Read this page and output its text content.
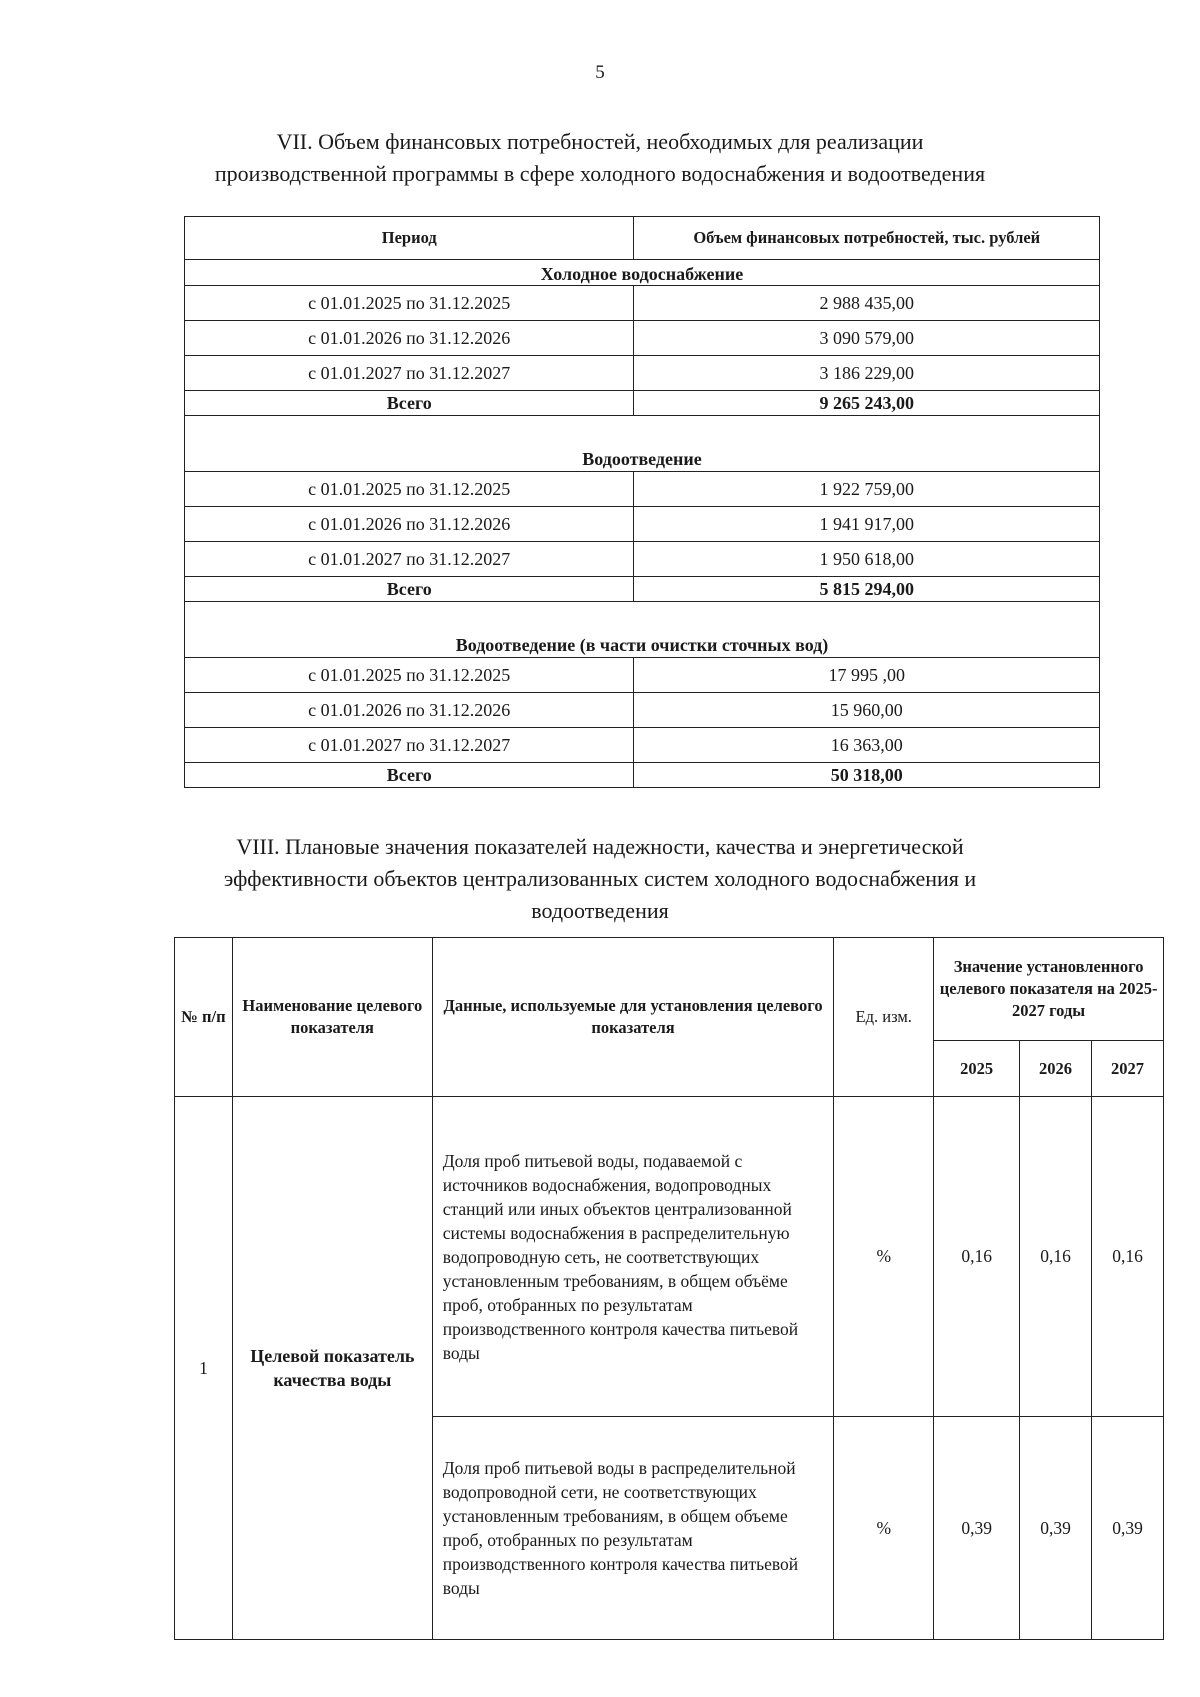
5
VII. Объем финансовых потребностей, необходимых для реализации
производственной программы в сфере холодного водоснабжения и водоотведения
Период	Объем финансовых потребностей, тыс. рублей
Холодное водоснабжение	
с 01.01.2025 по 31.12.2025	2 988 435,00
с 01.01.2026 по 31.12.2026	3 090 579,00
с 01.01.2027 по 31.12.2027	3 186 229,00
Всего	9 265 243,00
Водоотведение	
с 01.01.2025 по 31.12.2025	1 922 759,00
с 01.01.2026 по 31.12.2026	1 941 917,00
с 01.01.2027 по 31.12.2027	1 950 618,00
Всего	5 815 294,00
Водоотведение (в части очистки сточных вод)	
с 01.01.2025 по 31.12.2025	17 995 ,00
с 01.01.2026 по 31.12.2026	15 960,00
с 01.01.2027 по 31.12.2027	16 363,00
Всего	50 318,00
VIII. Плановые значения показателей надежности, качества и энергетической
эффективности объектов централизованных систем холодного водоснабжения и
водоотведения
№ п/п	Наименование целевого показателя	Данные, используемые для установления целевого показателя	Ед. изм.	Значение установленного целевого показателя на 2025-2027 годы		
				2025	2026	2027
1	Целевой показатель качества воды	Доля проб питьевой воды, подаваемой с источников водоснабжения, водопроводных станций или иных объектов централизованной системы водоснабжения в распределительную водопроводную сеть, не соответствующих установленным требованиям, в общем объёме проб, отобранных по результатам производственного контроля качества питьевой воды	%	0,16	0,16	0,16
		Доля проб питьевой воды в распределительной водопроводной сети, не соответствующих установленным требованиям, в общем объеме проб, отобранных по результатам производственного контроля качества питьевой воды	%	0,39	0,39	0,39
